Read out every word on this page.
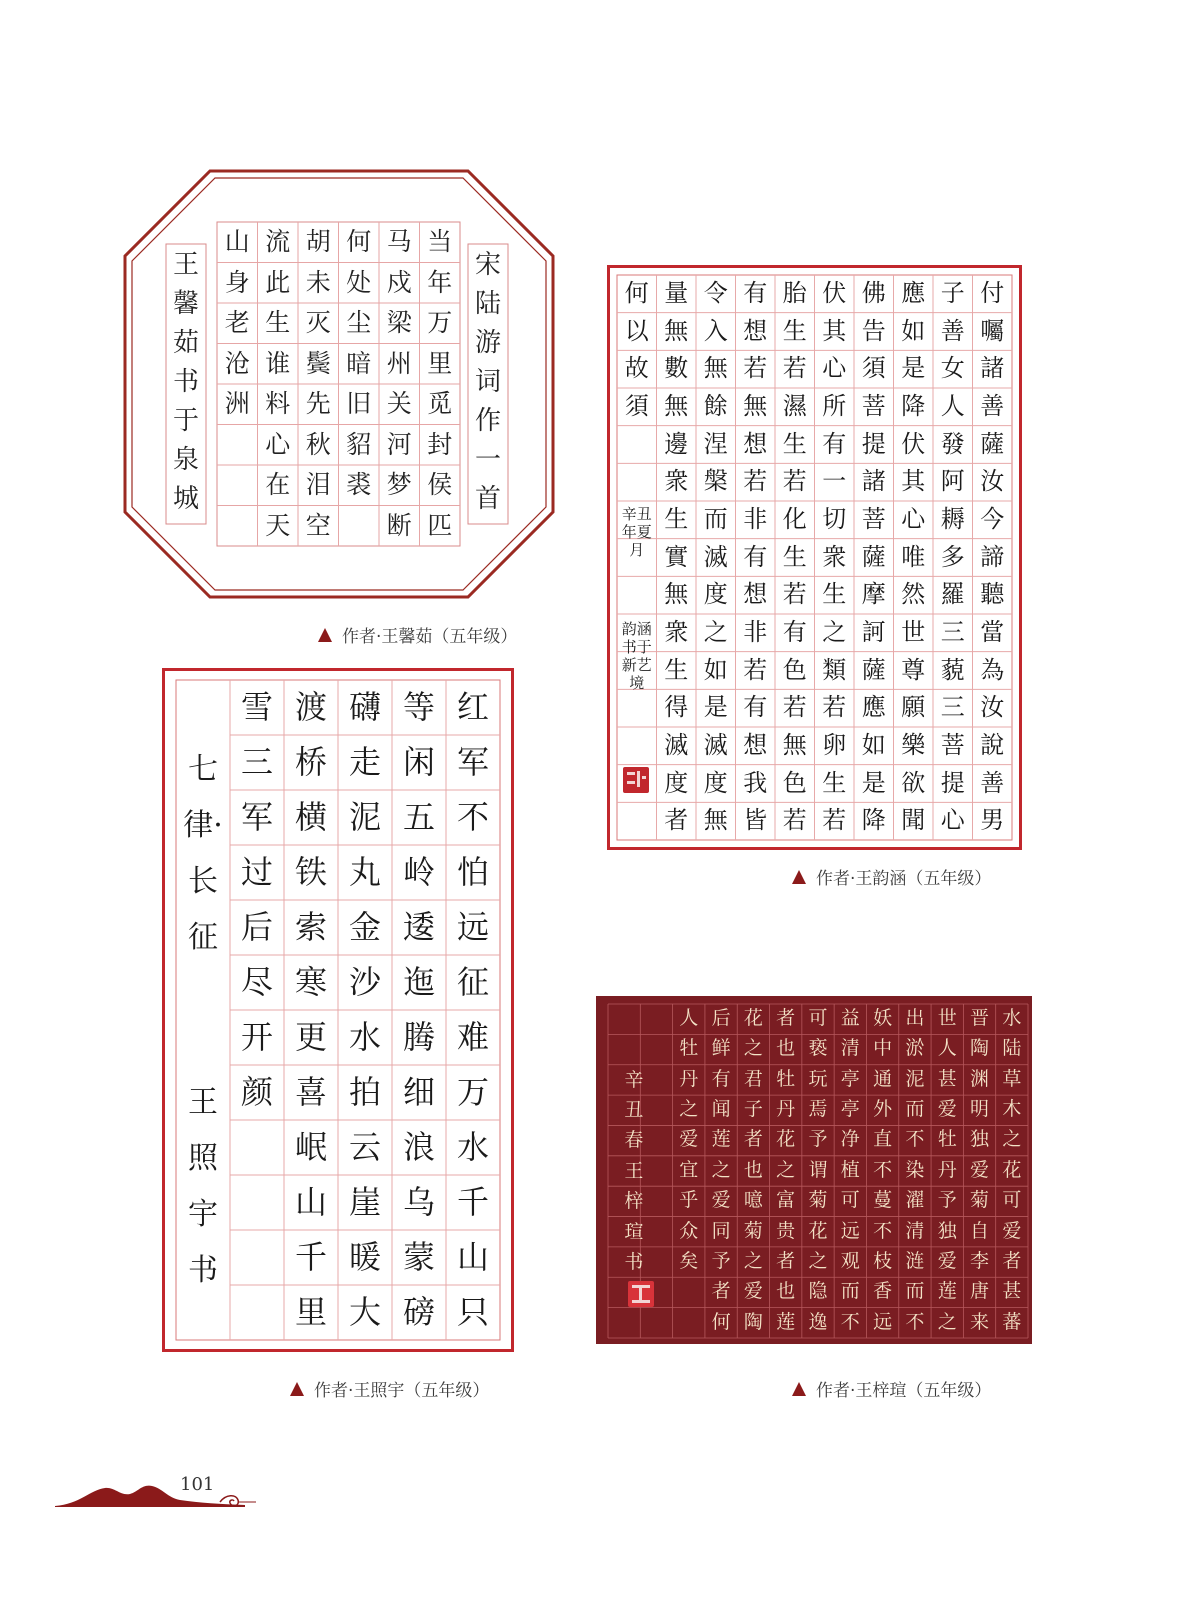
宋陆游词作一首
王馨茹书于泉城
当年万里觅封侯匹
马戍梁州关河梦断
何处尘暗旧貂裘
胡未灭鬓先秋泪空
流此生谁料心在天
山身老沧洲
作者·王馨茹（五年级）
付囑諸善薩汝今諦聽當為汝說善男
子善女人發阿耨多羅三藐三菩提心
應如是降伏其心唯然世尊願樂欲聞
佛告須菩提諸菩薩摩訶薩應如是降
伏其心所有一切衆生之類若卵生若
胎生若濕生若化生若有色若無色若
有想若無想若非有想非若有想我皆
令入無餘涅槃而滅度之如是滅度無
量無數無邊衆生實無衆生得滅度者
何以故須
辛丑年夏月
韵涵书于新艺境
作者·王韵涵（五年级）
红军不怕远征难万水千山只
等闲五岭逶迤腾细浪乌蒙磅
礴走泥丸金沙水拍云崖暖大
渡桥横铁索寒更喜岷山千里
雪三军过后尽开颜
七律·长征
王照宇书
作者·王照宇（五年级）
水陆草木之花可爱者甚蕃
晋陶渊明独爱菊自李唐来
世人甚爱牡丹予独爱莲之
出淤泥而不染濯清涟而不
妖中通外直不蔓不枝香远
益清亭亭净植可远观而不
可亵玩焉予谓菊花之隐逸
者也牡丹花之富贵者也莲
花之君子者也噫菊之爱陶
后鲜有闻莲之爱同予者何
人牡丹之爱宜乎众矣
辛丑春王梓瑄书
作者·王梓瑄（五年级）
101
